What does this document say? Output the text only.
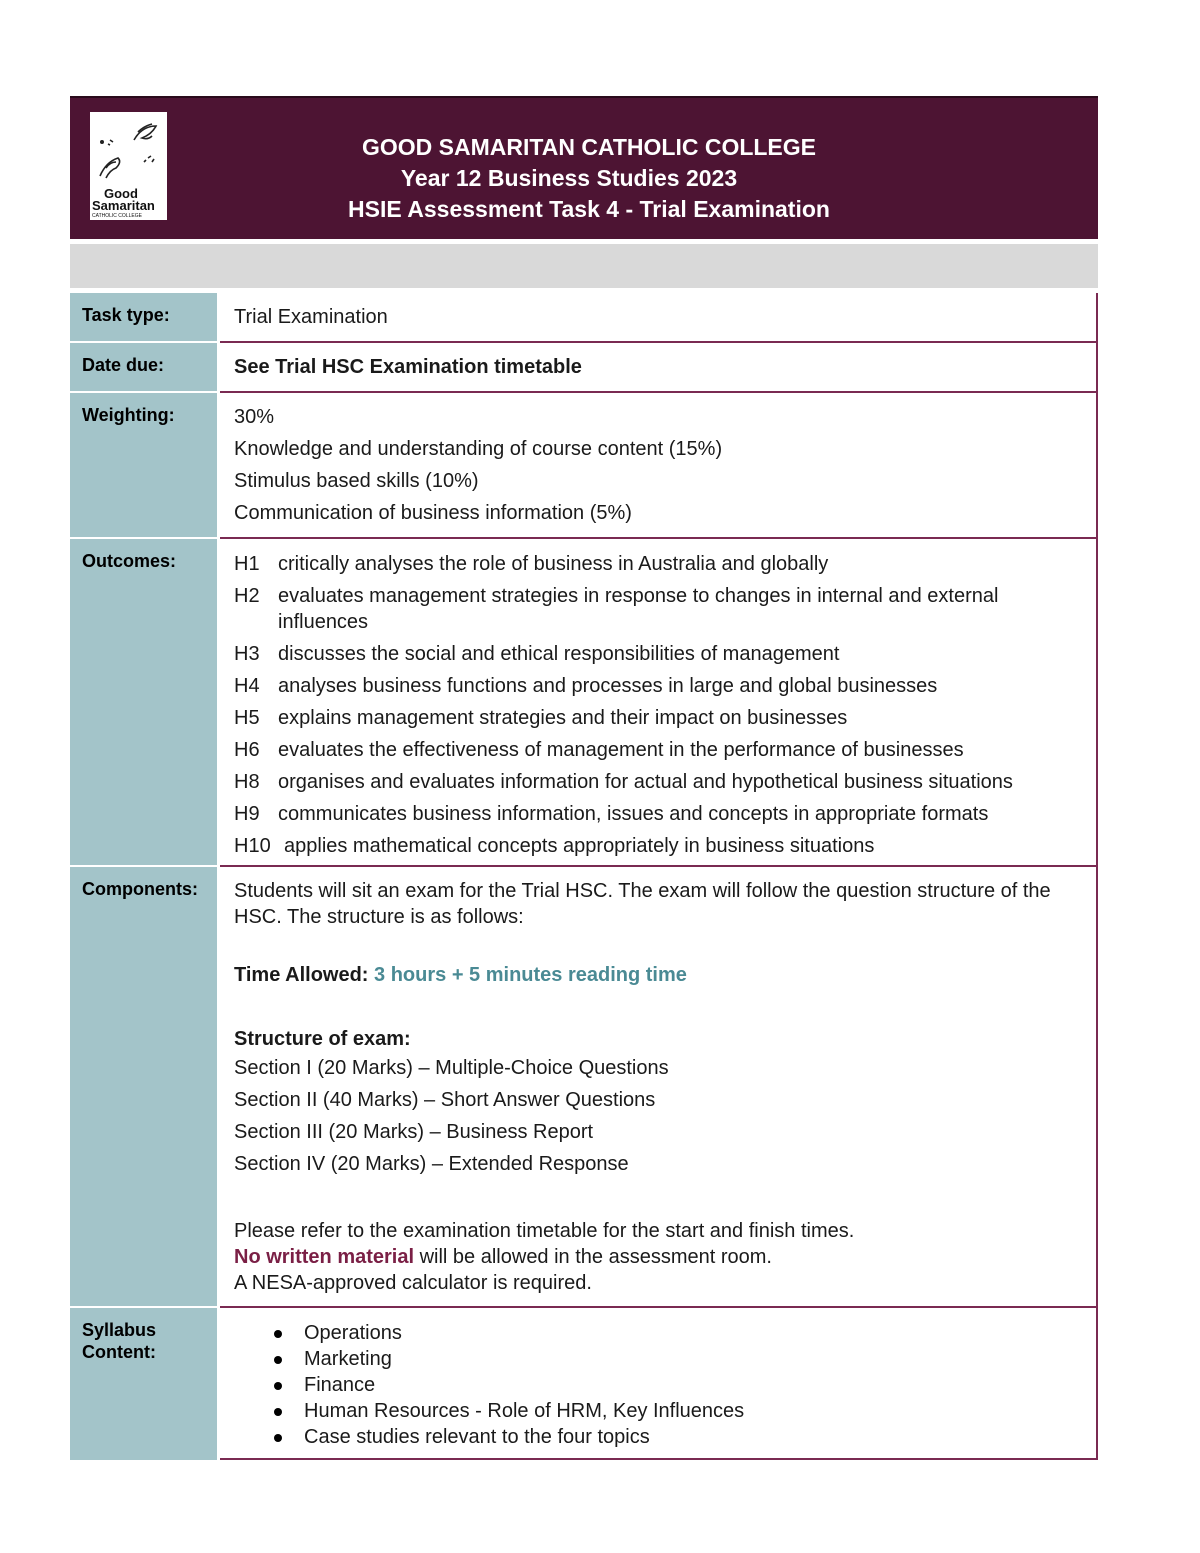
Good
Samaritan
CATHOLIC COLLEGE
GOOD SAMARITAN CATHOLIC COLLEGE
Year 12 Business Studies 2023
HSIE Assessment Task 4 - Trial Examination
Task type:	Trial Examination
Date due:	See Trial HSC Examination timetable
Weighting:	30%
Knowledge and understanding of course content (15%)
Stimulus based skills (10%)
Communication of business information (5%)
Outcomes:	H1 critically analyses the role of business in Australia and globally
H2 evaluates management strategies in response to changes in internal and external influences
H3 discusses the social and ethical responsibilities of management
H4 analyses business functions and processes in large and global businesses
H5 explains management strategies and their impact on businesses
H6 evaluates the effectiveness of management in the performance of businesses
H8 organises and evaluates information for actual and hypothetical business situations
H9 communicates business information, issues and concepts in appropriate formats
H10 applies mathematical concepts appropriately in business situations
Components:	Students will sit an exam for the Trial HSC. The exam will follow the question structure of the HSC. The structure is as follows:
Time Allowed: 3 hours + 5 minutes reading time
Structure of exam:
Section I (20 Marks) – Multiple-Choice Questions
Section II (40 Marks) – Short Answer Questions
Section III (20 Marks) – Business Report
Section IV (20 Marks) – Extended Response
Please refer to the examination timetable for the start and finish times.
No written material will be allowed in the assessment room.
A NESA-approved calculator is required.
Syllabus Content:
Operations
Marketing
Finance
Human Resources - Role of HRM, Key Influences
Case studies relevant to the four topics
